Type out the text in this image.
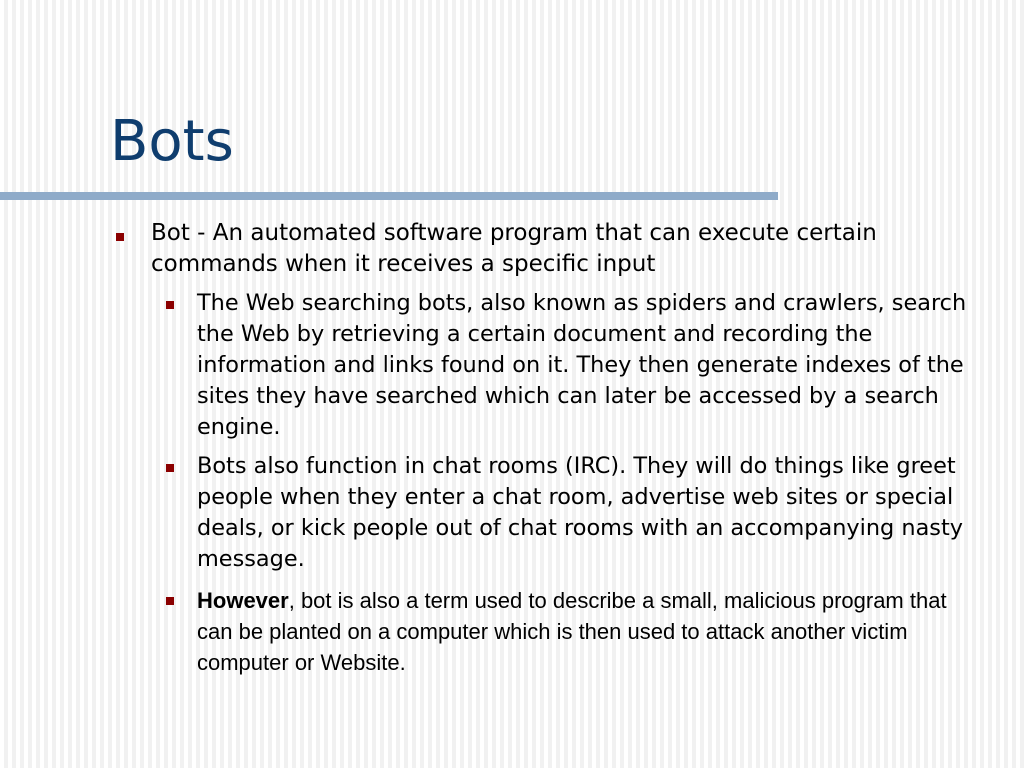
Bots
Bot - An automated software program that can execute certain commands when it receives a specific input
The Web searching bots, also known as spiders and crawlers, search the Web by retrieving a certain document and recording the information and links found on it. They then generate indexes of the sites they have searched which can later be accessed by a search engine.
Bots also function in chat rooms (IRC). They will do things like greet people when they enter a chat room, advertise web sites or special deals, or kick people out of chat rooms with an accompanying nasty message.
However, bot is also a term used to describe a small, malicious program that can be planted on a computer which is then used to attack another victim computer or Website.
